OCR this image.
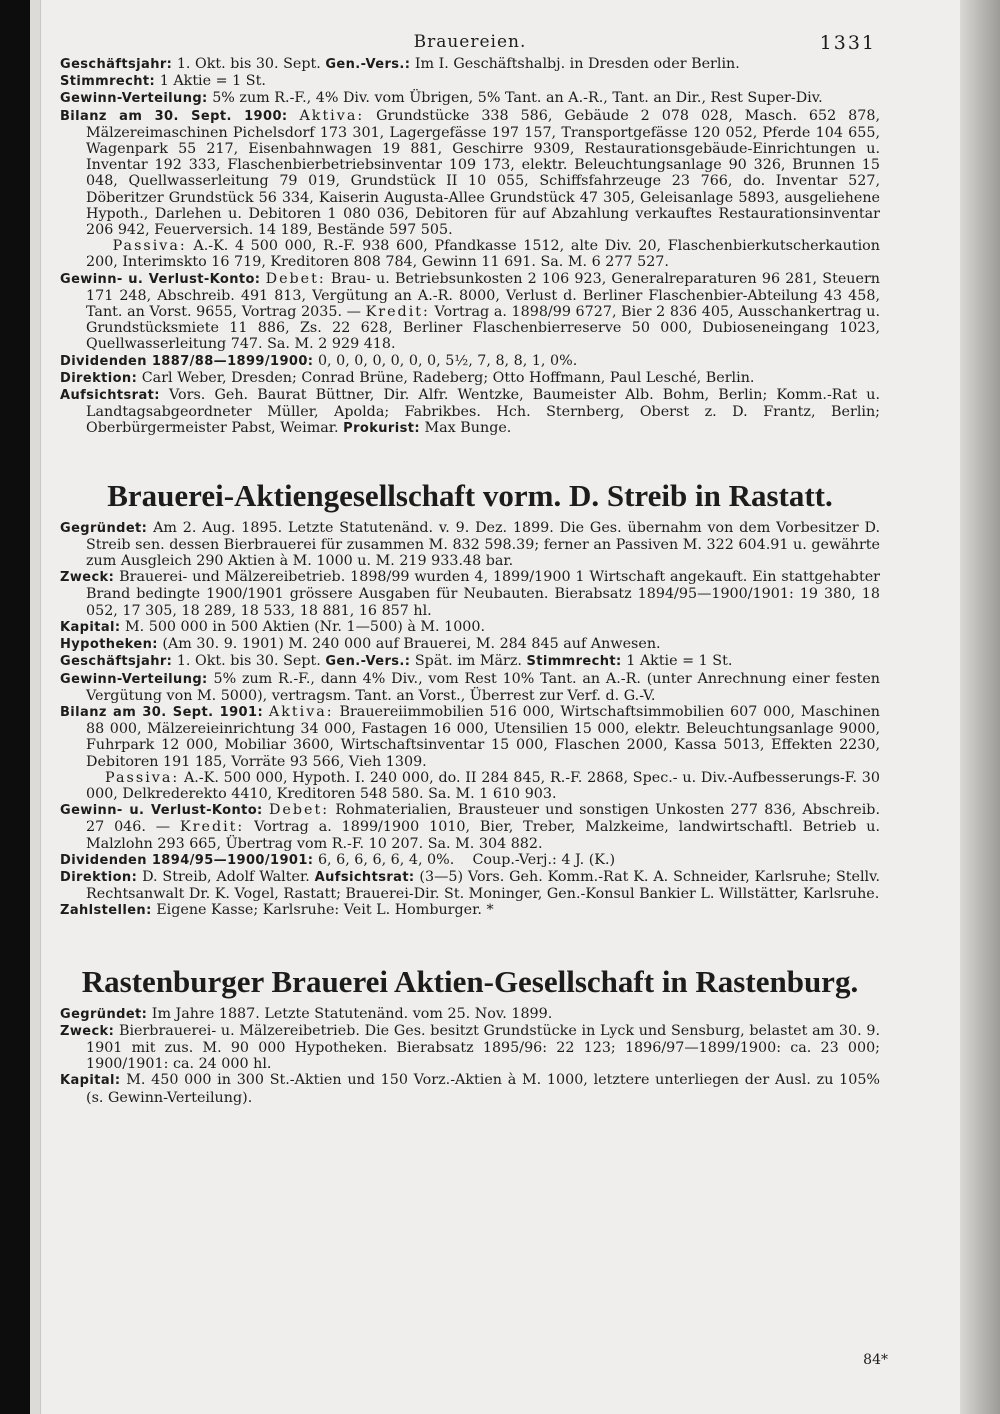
Brauereien.	1331

Geschäftsjahr: 1. Okt. bis 30. Sept. Gen.-Vers.: Im I. Geschäftshalbj. in Dresden oder Berlin.

Stimmrecht: 1 Aktie = 1 St.

Gewinn-Verteilung: 5% zum R.-F., 4% Div. vom Übrigen, 5% Tant. an A.-R., Tant. an Dir., Rest Super-Div.

Bilanz am 30. Sept. 1900: Aktiva: Grundstücke 338 586, Gebäude 2 078 028, Masch. 652 878, Mälzereimaschinen Pichelsdorf 173 301, Lagergefässe 197 157, Transportgefässe 120 052, Pferde 104 655, Wagenpark 55 217, Eisenbahnwagen 19 881, Geschirre 9309, Restaurationsgebäude-Einrichtungen u. Inventar 192 333, Flaschenbierbetriebsinventar 109 173, elektr. Beleuchtungsanlage 90 326, Brunnen 15 048, Quellwasserleitung 79 019, Grundstück II 10 055, Schiffsfahrzeuge 23 766, do. Inventar 527, Döberitzer Grundstück 56 334, Kaiserin Augusta-Allee Grundstück 47 305, Geleisanlage 5893, ausgeliehene Hypoth., Darlehen u. Debitoren 1 080 036, Debitoren für auf Abzahlung verkauftes Restaurationsinventar 206 942, Feuerversich. 14 189, Bestände 597 505.

Passiva: A.-K. 4 500 000, R.-F. 938 600, Pfandkasse 1512, alte Div. 20, Flaschenbierkutscherkaution 200, Interimskto 16 719, Kreditoren 808 784, Gewinn 11 691. Sa. M. 6 277 527.

Gewinn- u. Verlust-Konto: Debet: Brau- u. Betriebsunkosten 2 106 923, Generalreparaturen 96 281, Steuern 171 248, Abschreib. 491 813, Vergütung an A.-R. 8000, Verlust d. Berliner Flaschenbier-Abteilung 43 458, Tant. an Vorst. 9655, Vortrag 2035. — Kredit: Vortrag a. 1898/99 6727, Bier 2 836 405, Ausschankertrag u. Grundstücksmiete 11 886, Zs. 22 628, Berliner Flaschenbierreserve 50 000, Dubioseneingang 1023, Quellwasserleitung 747. Sa. M. 2 929 418.

Dividenden 1887/88—1899/1900: 0, 0, 0, 0, 0, 0, 0, 5½, 7, 8, 8, 1, 0%.

Direktion: Carl Weber, Dresden; Conrad Brüne, Radeberg; Otto Hoffmann, Paul Lesché, Berlin.

Aufsichtsrat: Vors. Geh. Baurat Büttner, Dir. Alfr. Wentzke, Baumeister Alb. Bohm, Berlin; Komm.-Rat u. Landtagsabgeordneter Müller, Apolda; Fabrikbes. Hch. Sternberg, Oberst z. D. Frantz, Berlin; Oberbürgermeister Pabst, Weimar. Prokurist: Max Bunge.

Brauerei-Aktiengesellschaft vorm. D. Streib in Rastatt.

Gegründet: Am 2. Aug. 1895. Letzte Statutenänd. v. 9. Dez. 1899. Die Ges. übernahm von dem Vorbesitzer D. Streib sen. dessen Bierbrauerei für zusammen M. 832 598.39; ferner an Passiven M. 322 604.91 u. gewährte zum Ausgleich 290 Aktien à M. 1000 u. M. 219 933.48 bar.

Zweck: Brauerei- und Mälzereibetrieb. 1898/99 wurden 4, 1899/1900 1 Wirtschaft angekauft. Ein stattgehabter Brand bedingte 1900/1901 grössere Ausgaben für Neubauten. Bierabsatz 1894/95—1900/1901: 19 380, 18 052, 17 305, 18 289, 18 533, 18 881, 16 857 hl.

Kapital: M. 500 000 in 500 Aktien (Nr. 1—500) à M. 1000.

Hypotheken: (Am 30. 9. 1901) M. 240 000 auf Brauerei, M. 284 845 auf Anwesen.

Geschäftsjahr: 1. Okt. bis 30. Sept. Gen.-Vers.: Spät. im März. Stimmrecht: 1 Aktie = 1 St.

Gewinn-Verteilung: 5% zum R.-F., dann 4% Div., vom Rest 10% Tant. an A.-R. (unter Anrechnung einer festen Vergütung von M. 5000), vertragsm. Tant. an Vorst., Überrest zur Verf. d. G.-V.

Bilanz am 30. Sept. 1901: Aktiva: Brauereiimmobilien 516 000, Wirtschaftsimmobilien 607 000, Maschinen 88 000, Mälzereieinrichtung 34 000, Fastagen 16 000, Utensilien 15 000, elektr. Beleuchtungsanlage 9000, Fuhrpark 12 000, Mobiliar 3600, Wirtschaftsinventar 15 000, Flaschen 2000, Kassa 5013, Effekten 2230, Debitoren 191 185, Vorräte 93 566, Vieh 1309.

Passiva: A.-K. 500 000, Hypoth. I. 240 000, do. II 284 845, R.-F. 2868, Spec.- u. Div.-Aufbesserungs-F. 30 000, Delkrederekto 4410, Kreditoren 548 580. Sa. M. 1 610 903.

Gewinn- u. Verlust-Konto: Debet: Rohmaterialien, Brausteuer und sonstigen Unkosten 277 836, Abschreib. 27 046. — Kredit: Vortrag a. 1899/1900 1010, Bier, Treber, Malzkeime, landwirtschaftl. Betrieb u. Malzlohn 293 665, Übertrag vom R.-F. 10 207. Sa. M. 304 882.

Dividenden 1894/95—1900/1901: 6, 6, 6, 6, 6, 4, 0%. Coup.-Verj.: 4 J. (K.)

Direktion: D. Streib, Adolf Walter. Aufsichtsrat: (3—5) Vors. Geh. Komm.-Rat K. A. Schneider, Karlsruhe; Stellv. Rechtsanwalt Dr. K. Vogel, Rastatt; Brauerei-Dir. St. Moninger, Gen.-Konsul Bankier L. Willstätter, Karlsruhe.

Zahlstellen: Eigene Kasse; Karlsruhe: Veit L. Homburger. *

Rastenburger Brauerei Aktien-Gesellschaft in Rastenburg.

Gegründet: Im Jahre 1887. Letzte Statutenänd. vom 25. Nov. 1899.

Zweck: Bierbrauerei- u. Mälzereibetrieb. Die Ges. besitzt Grundstücke in Lyck und Sensburg, belastet am 30. 9. 1901 mit zus. M. 90 000 Hypotheken. Bierabsatz 1895/96: 22 123; 1896/97—1899/1900: ca. 23 000; 1900/1901: ca. 24 000 hl.

Kapital: M. 450 000 in 300 St.-Aktien und 150 Vorz.-Aktien à M. 1000, letztere unterliegen der Ausl. zu 105% (s. Gewinn-Verteilung).

84*
